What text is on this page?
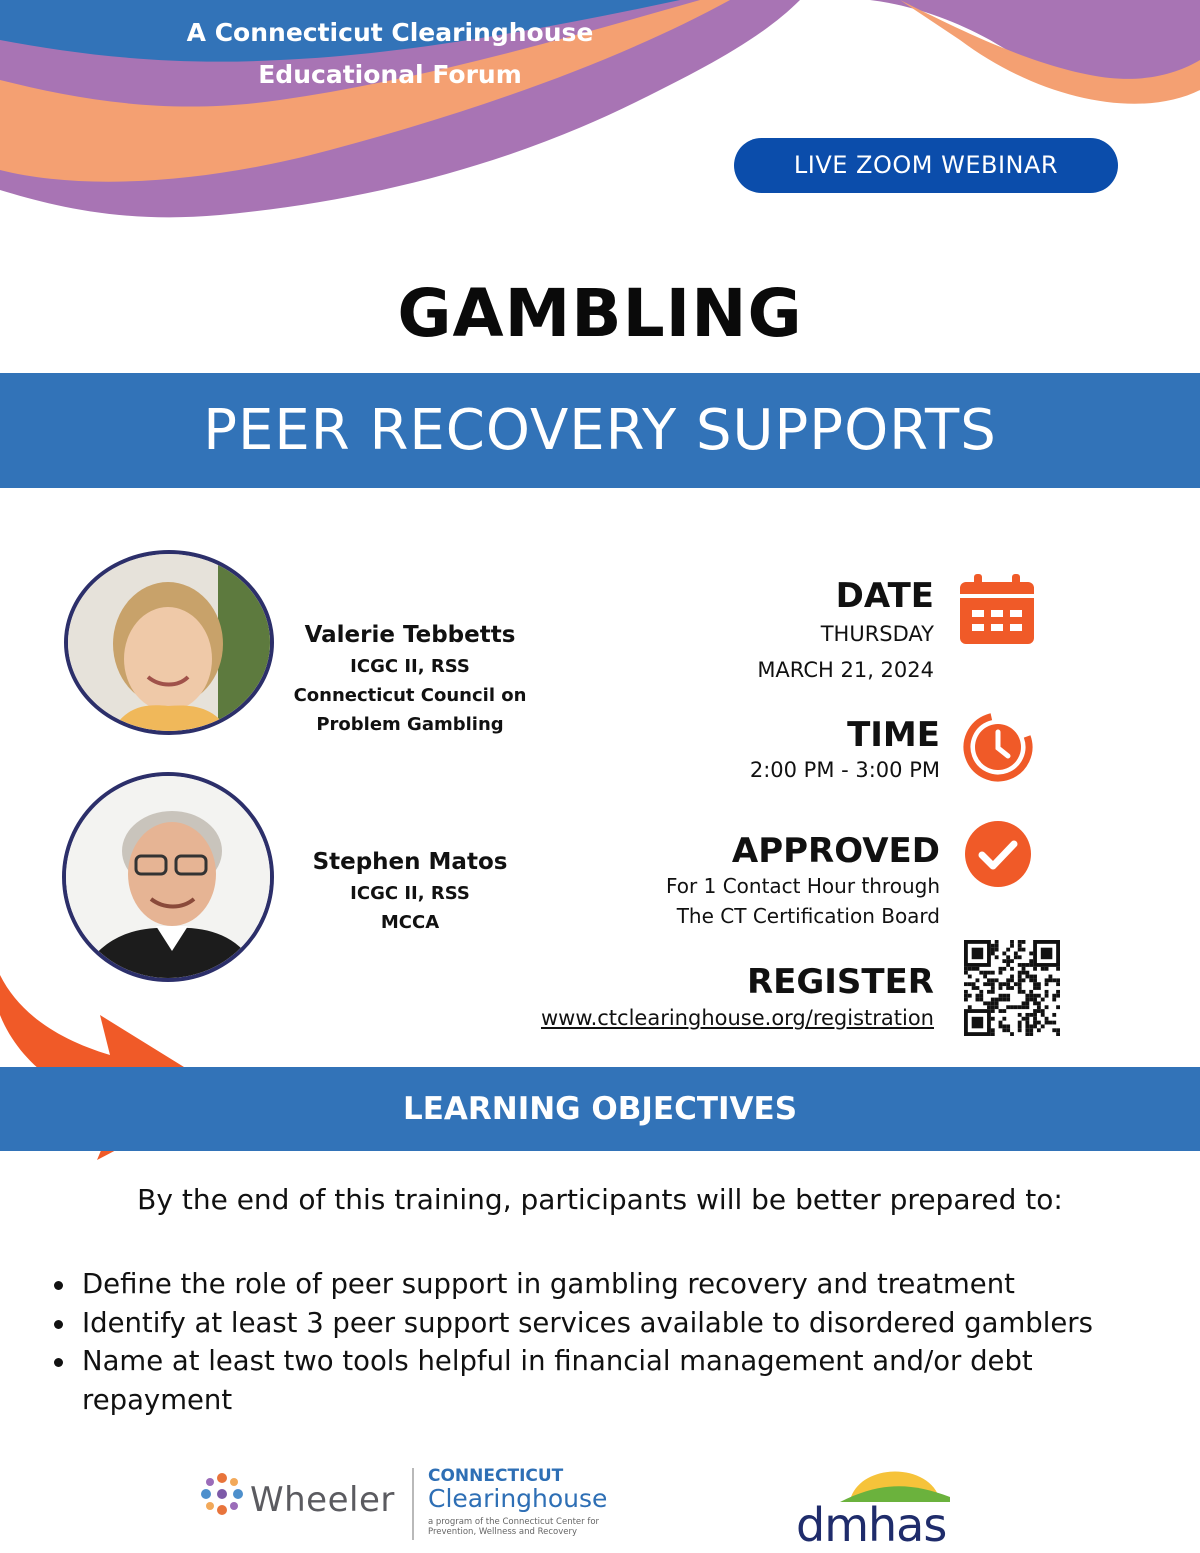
A Connecticut Clearinghouse
Educational Forum
LIVE ZOOM WEBINAR
GAMBLING
PEER RECOVERY SUPPORTS
Valerie Tebbetts
ICGC II, RSS
Connecticut Council on
Problem Gambling
Stephen Matos
ICGC II, RSS
MCCA
DATE
THURSDAY
MARCH 21, 2024
TIME
2:00 PM - 3:00 PM
APPROVED
For 1 Contact Hour through
The CT Certification Board
REGISTER
www.ctclearinghouse.org/registration
LEARNING OBJECTIVES
By the end of this training, participants will be better prepared to:
Define the role of peer support in gambling recovery and treatment
Identify at least 3 peer support services available to disordered gamblers
Name at least two tools helpful in financial management and/or debt repayment
Wheeler
CONNECTICUT
Clearinghouse
a program of the Connecticut Center for Prevention, Wellness and Recovery	dmhas
